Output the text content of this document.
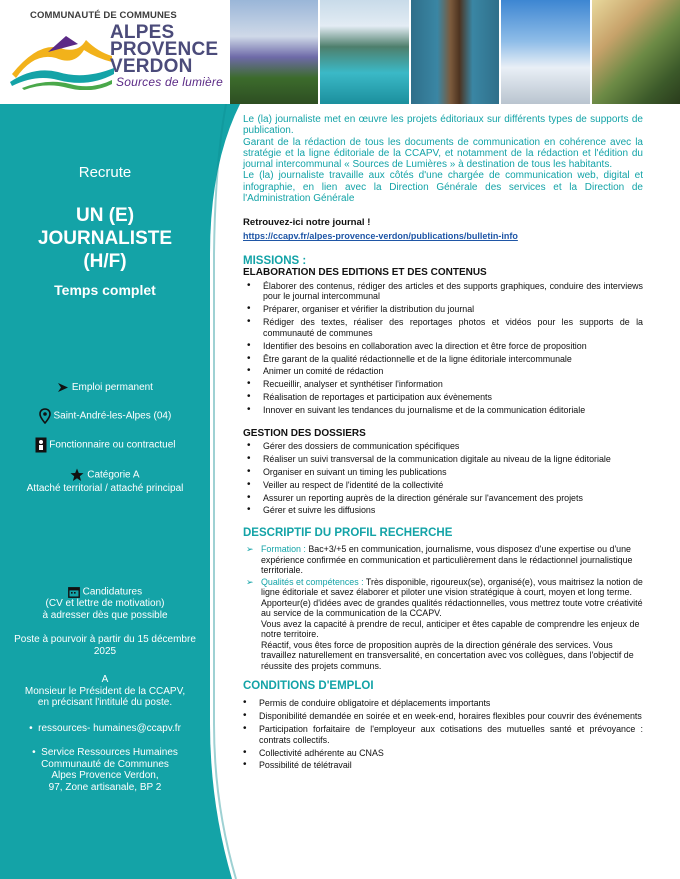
COMMUNAUTÉ DE COMMUNES
ALPES
PROVENCE
VERDON
Sources de lumière
Recrute
UN (E)
JOURNALISTE
(H/F)
Temps complet
Emploi permanent
Saint-André-les-Alpes (04)
Fonctionnaire ou contractuel
Catégorie A
Attaché territorial / attaché principal
Candidatures
(CV et lettre de motivation)
à adresser dès que possible
Poste à pourvoir à partir du 15 décembre
2025
A
Monsieur le Président de la CCAPV,
en précisant l'intitulé du poste.
•  ressources- humaines@ccapv.fr
•  Service Ressources Humaines
Communauté de Communes
Alpes Provence Verdon,
97, Zone artisanale, BP 2
Le (la) journaliste met en œuvre les projets éditoriaux sur différents types de supports de publication.
Garant de la rédaction de tous les documents de communication en cohérence avec la stratégie et la ligne éditoriale de la CCAPV, et notamment de la rédaction et l'édition du journal intercommunal « Sources de Lumières » à destination de tous les habitants.
Le (la) journaliste travaille aux côtés d'une chargée de communication web, digital et infographie, en lien avec la Direction Générale des services et la Direction de l'Administration Générale
Retrouvez-ici notre journal !
https://ccapv.fr/alpes-provence-verdon/publications/bulletin-info
MISSIONS :
ELABORATION DES EDITIONS ET DES CONTENUS
• Élaborer des contenus, rédiger des articles et des supports graphiques, conduire des interviews pour le journal intercommunal
• Préparer, organiser et vérifier la distribution du journal
• Rédiger des textes, réaliser des reportages photos et vidéos pour les supports de la communauté de communes
• Identifier des besoins en collaboration avec la direction et être force de proposition
• Être garant de la qualité rédactionnelle et de la ligne éditoriale intercommunale
• Animer un comité de rédaction
• Recueillir, analyser et synthétiser l'information
• Réalisation de reportages et participation aux évènements
• Innover en suivant les tendances du journalisme et de la communication éditoriale
GESTION DES DOSSIERS
• Gérer des dossiers de communication spécifiques
• Réaliser un suivi transversal de la communication digitale au niveau de la ligne éditoriale
• Organiser en suivant un timing les publications
• Veiller au respect de l'identité de la collectivité
• Assurer un reporting auprès de la direction générale sur l'avancement des projets
• Gérer et suivre les diffusions
DESCRIPTIF DU PROFIL RECHERCHE
➢ Formation : Bac+3/+5 en communication, journalisme, vous disposez d'une expertise ou d'une expérience confirmée en communication et particulièrement dans le rédactionnel journalistique territoriale.
➢ Qualités et compétences : Très disponible, rigoureux(se), organisé(e), vous maitrisez la notion de ligne éditoriale et savez élaborer et piloter une vision stratégique à court, moyen et long terme.
Apporteur(e) d'idées avec de grandes qualités rédactionnelles, vous mettrez toute votre créativité au service de la communication de la CCAPV.
Vous avez la capacité à prendre de recul, anticiper et êtes capable de comprendre les enjeux de notre territoire.
Réactif, vous êtes force de proposition auprès de la direction générale des services. Vous travaillez naturellement en transversalité, en concertation avec vos collègues, dans l'objectif de réussite des projets communs.
CONDITIONS D'EMPLOI
• Permis de conduire obligatoire et déplacements importants
• Disponibilité demandée en soirée et en week-end, horaires flexibles pour couvrir des événements
• Participation forfaitaire de l'employeur aux cotisations des mutuelles santé et prévoyance : contrats collectifs.
• Collectivité adhérente au CNAS
• Possibilité de télétravail
